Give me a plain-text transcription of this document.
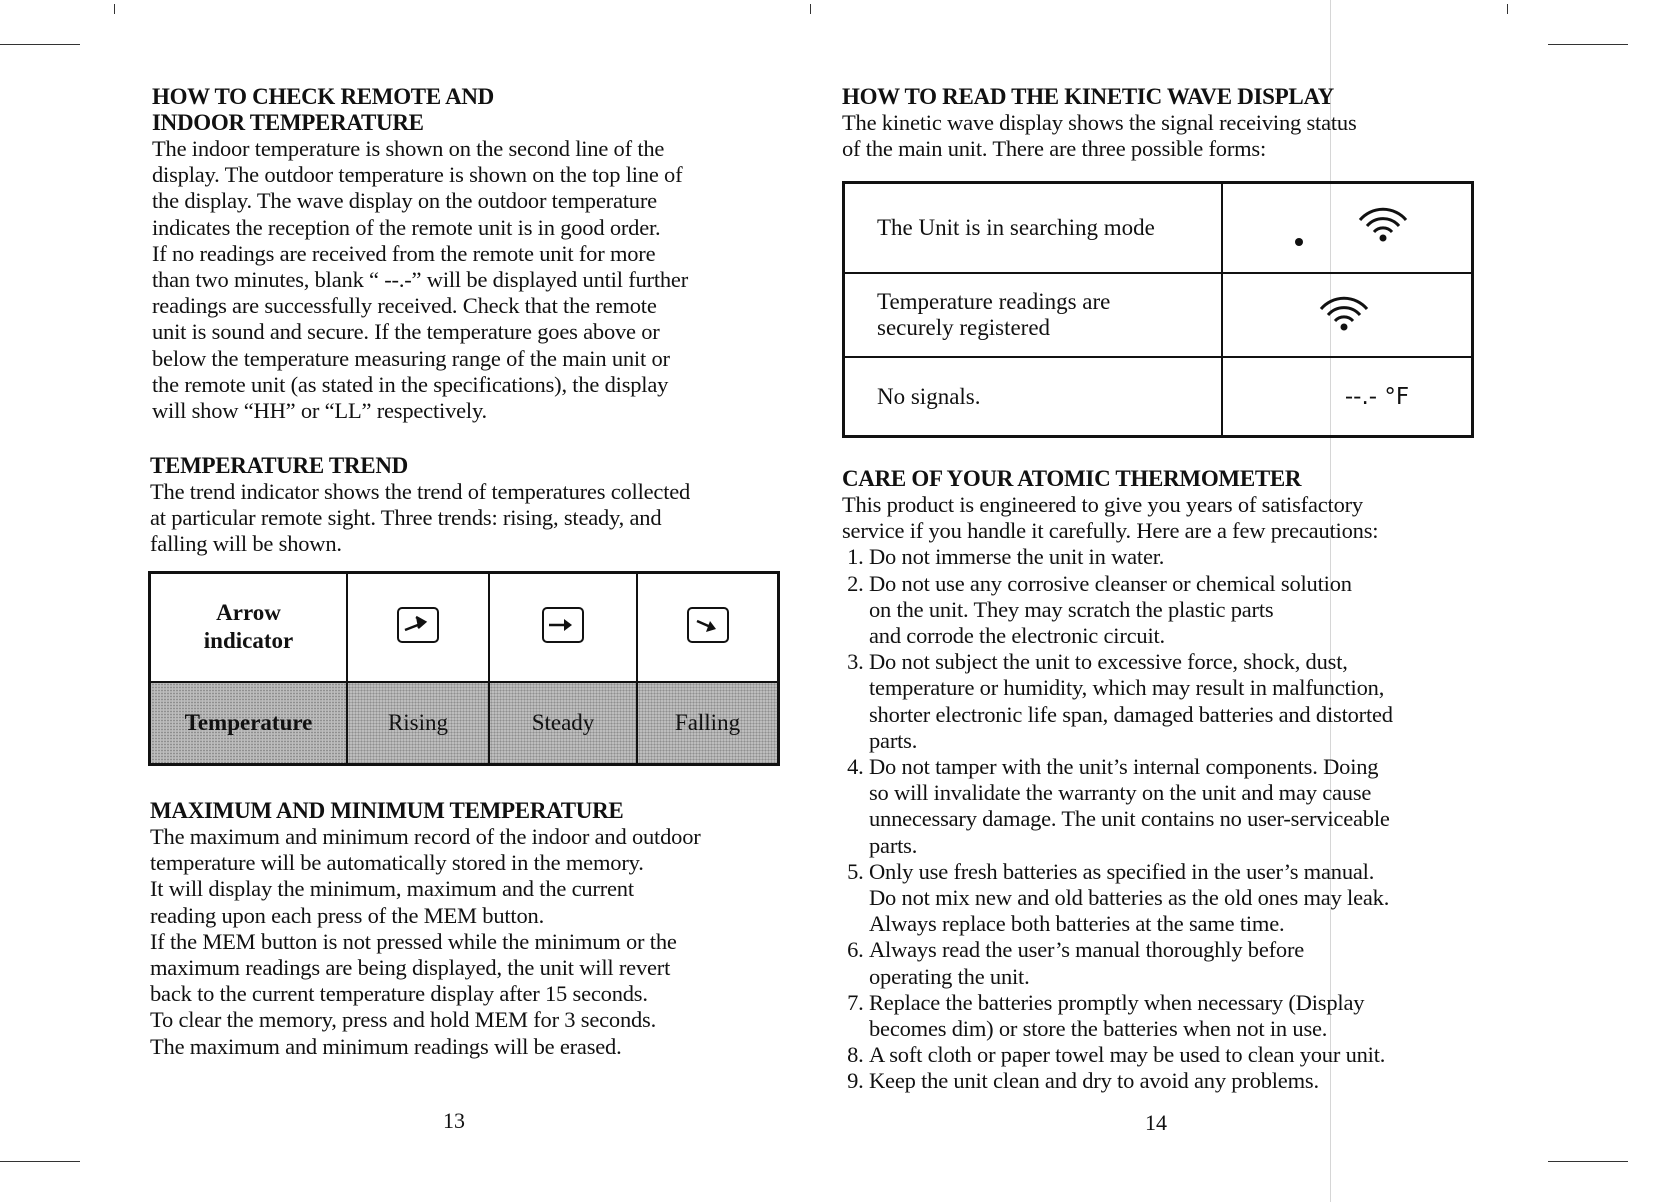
HOW TO CHECK REMOTE AND
INDOOR TEMPERATURE

The indoor temperature is shown on the second line of the
display. The outdoor temperature is shown on the top line of
the display. The wave display on the outdoor temperature
indicates the reception of the remote unit is in good order.
If no readings are received from the remote unit for more
than two minutes, blank “ --.-” will be displayed until further
readings are successfully received. Check that the remote
unit is sound and secure. If the temperature goes above or
below the temperature measuring range of the main unit or
the remote unit (as stated in the specifications), the display
will show “HH” or “LL” respectively.

TEMPERATURE TREND

The trend indicator shows the trend of temperatures collected
at particular remote sight. Three trends: rising, steady, and
falling will be shown.

Arrow
indicator

Temperature	Rising	Steady	Falling
MAXIMUM AND MINIMUM TEMPERATURE

The maximum and minimum record of the indoor and outdoor
temperature will be automatically stored in the memory.
It will display the minimum, maximum and the current
reading upon each press of the MEM button.
If the MEM button is not pressed while the minimum or the
maximum readings are being displayed, the unit will revert
back to the current temperature display after 15 seconds.
To clear the memory, press and hold MEM for 3 seconds.
The maximum and minimum readings will be erased.

13
HOW TO READ THE KINETIC WAVE DISPLAY

The kinetic wave display shows the signal receiving status
of the main unit. There are three possible forms:

The Unit is in searching mode	

Temperature readings are
securely registered	

No signals.	--.- °F
CARE OF YOUR ATOMIC THERMOMETER

This product is engineered to give you years of satisfactory
service if you handle it carefully. Here are a few precautions:

1. Do not immerse the unit in water.
2. Do not use any corrosive cleanser or chemical solution
on the unit. They may scratch the plastic parts
and corrode the electronic circuit.
3. Do not subject the unit to excessive force, shock, dust,
temperature or humidity, which may result in malfunction,
shorter electronic life span, damaged batteries and distorted
parts.
4. Do not tamper with the unit’s internal components. Doing
so will invalidate the warranty on the unit and may cause
unnecessary damage. The unit contains no user-serviceable
parts.
5. Only use fresh batteries as specified in the user’s manual.
Do not mix new and old batteries as the old ones may leak.
Always replace both batteries at the same time.
6. Always read the user’s manual thoroughly before
operating the unit.
7. Replace the batteries promptly when necessary (Display
becomes dim) or store the batteries when not in use.
8. A soft cloth or paper towel may be used to clean your unit.
9. Keep the unit clean and dry to avoid any problems.
14
